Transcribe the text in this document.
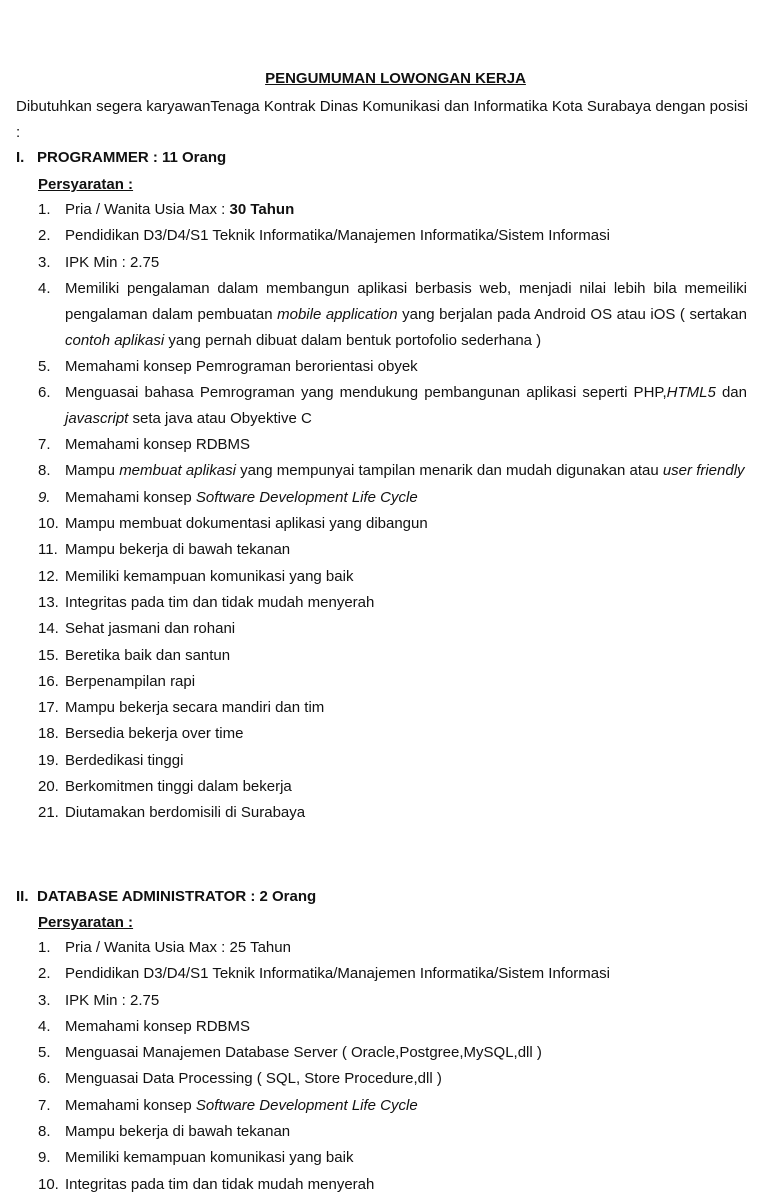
PENGUMUMAN LOWONGAN KERJA
Dibutuhkan segera karyawanTenaga Kontrak Dinas Komunikasi dan Informatika Kota Surabaya dengan posisi :
I. PROGRAMMER : 11 Orang
Persyaratan :
1. Pria / Wanita Usia Max : 30 Tahun
2. Pendidikan D3/D4/S1 Teknik Informatika/Manajemen Informatika/Sistem Informasi
3. IPK Min : 2.75
4. Memiliki pengalaman dalam membangun aplikasi berbasis web, menjadi nilai lebih bila memeiliki pengalaman dalam pembuatan mobile application yang berjalan pada Android OS atau iOS ( sertakan contoh aplikasi yang pernah dibuat dalam bentuk portofolio sederhana )
5. Memahami konsep Pemrograman berorientasi obyek
6. Menguasai bahasa Pemrograman yang mendukung pembangunan aplikasi seperti PHP,HTML5 dan javascript seta java atau Obyektive C
7. Memahami konsep RDBMS
8. Mampu membuat aplikasi yang mempunyai tampilan menarik dan mudah digunakan atau user friendly
9. Memahami konsep Software Development Life Cycle
10. Mampu membuat dokumentasi aplikasi yang dibangun
11. Mampu bekerja di bawah tekanan
12. Memiliki kemampuan komunikasi yang baik
13. Integritas pada tim dan tidak mudah menyerah
14. Sehat jasmani dan rohani
15. Beretika baik dan santun
16. Berpenampilan rapi
17. Mampu bekerja secara mandiri dan tim
18. Bersedia bekerja over time
19. Berdedikasi tinggi
20. Berkomitmen tinggi dalam bekerja
21. Diutamakan berdomisili di Surabaya
II. DATABASE ADMINISTRATOR : 2 Orang
Persyaratan :
1. Pria / Wanita Usia Max : 25 Tahun
2. Pendidikan D3/D4/S1 Teknik Informatika/Manajemen Informatika/Sistem Informasi
3. IPK Min : 2.75
4. Memahami konsep RDBMS
5. Menguasai Manajemen Database Server ( Oracle,Postgree,MySQL,dll )
6. Menguasai Data Processing ( SQL, Store Procedure,dll )
7. Memahami konsep Software Development Life Cycle
8. Mampu bekerja di bawah tekanan
9. Memiliki kemampuan komunikasi yang baik
10. Integritas pada tim dan tidak mudah menyerah
